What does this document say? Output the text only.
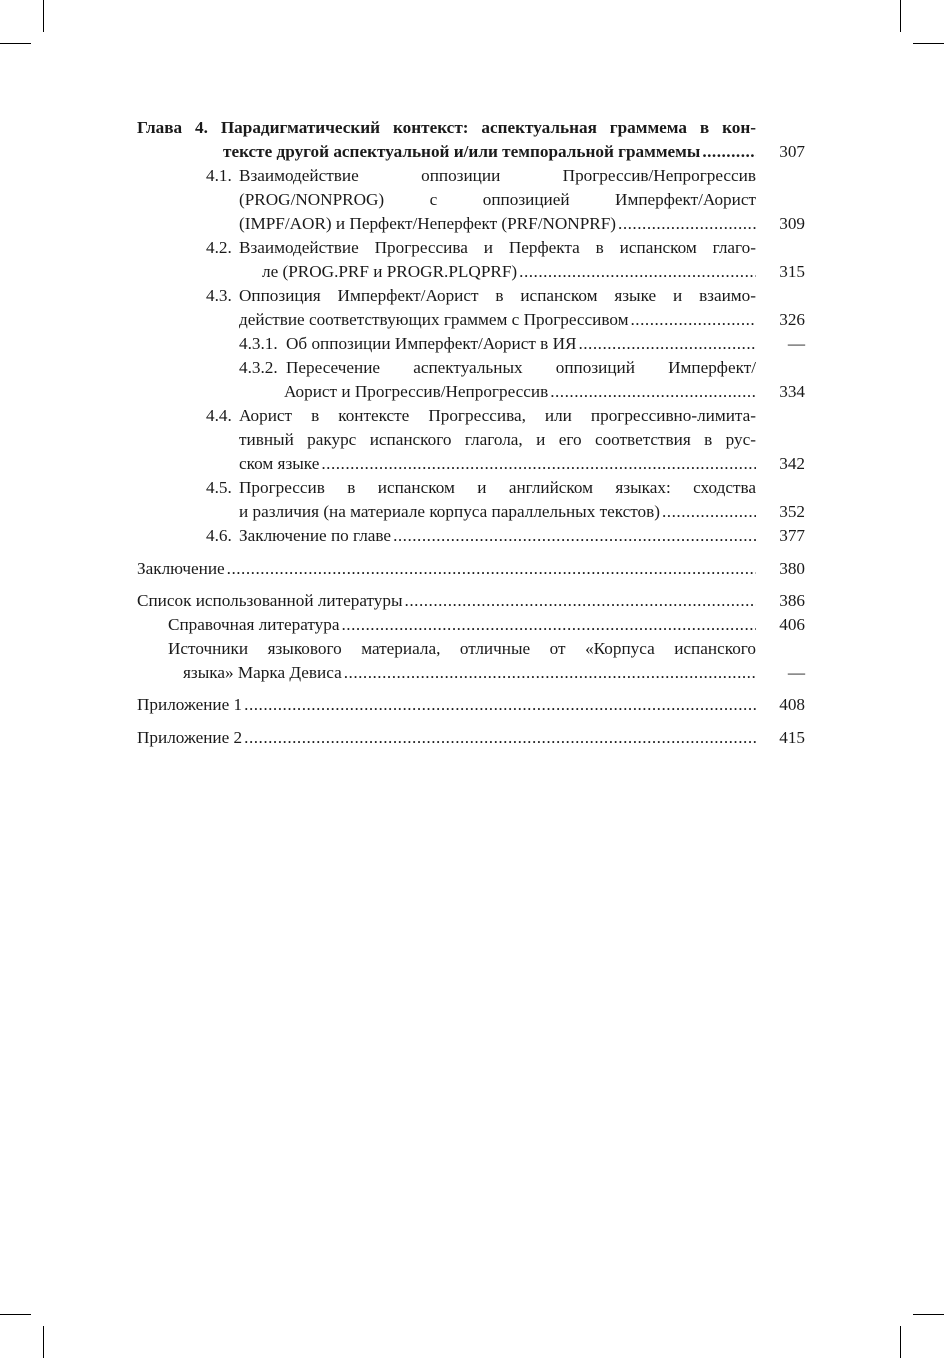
Глава 4. Парадигматический контекст: аспектуальная граммема в кон-
тексте другой аспектуальной и/или темпоральной граммемы .....	307
4.1. Взаимодействие оппозиции Прогрессив/Непрогрессив
(PROG/NONPROG) с оппозицией Имперфект/Аорист
(IMPF/AOR) и Перфект/Неперфект (PRF/NONPRF) .....	309
4.2. Взаимодействие Прогрессива и Перфекта в испанском глаго-
ле (PROG.PRF и PROGR.PLQPRF) .....	315
4.3. Оппозиция Имперфект/Аорист в испанском языке и взаимо-
действие соответствующих граммем с Прогрессивом .....	326
4.3.1. Об оппозиции Имперфект/Аорист в ИЯ .....	—
4.3.2. Пересечение аспектуальных оппозиций Имперфект/
Аорист и Прогрессив/Непрогрессив .....	334
4.4. Аорист в контексте Прогрессива, или прогрессивно-лимита-
тивный ракурс испанского глагола, и его соответствия в рус-
ском языке .....	342
4.5. Прогрессив в испанском и английском языках: сходства
и различия (на материале корпуса параллельных текстов) .....	352
4.6. Заключение по главе .....	377
Заключение .....	380
Список использованной литературы .....	386
Справочная литература .....	406
Источники языкового материала, отличные от «Корпуса испанского
языка» Марка Девиса .....	—
Приложение 1 .....	408
Приложение 2 .....	415
